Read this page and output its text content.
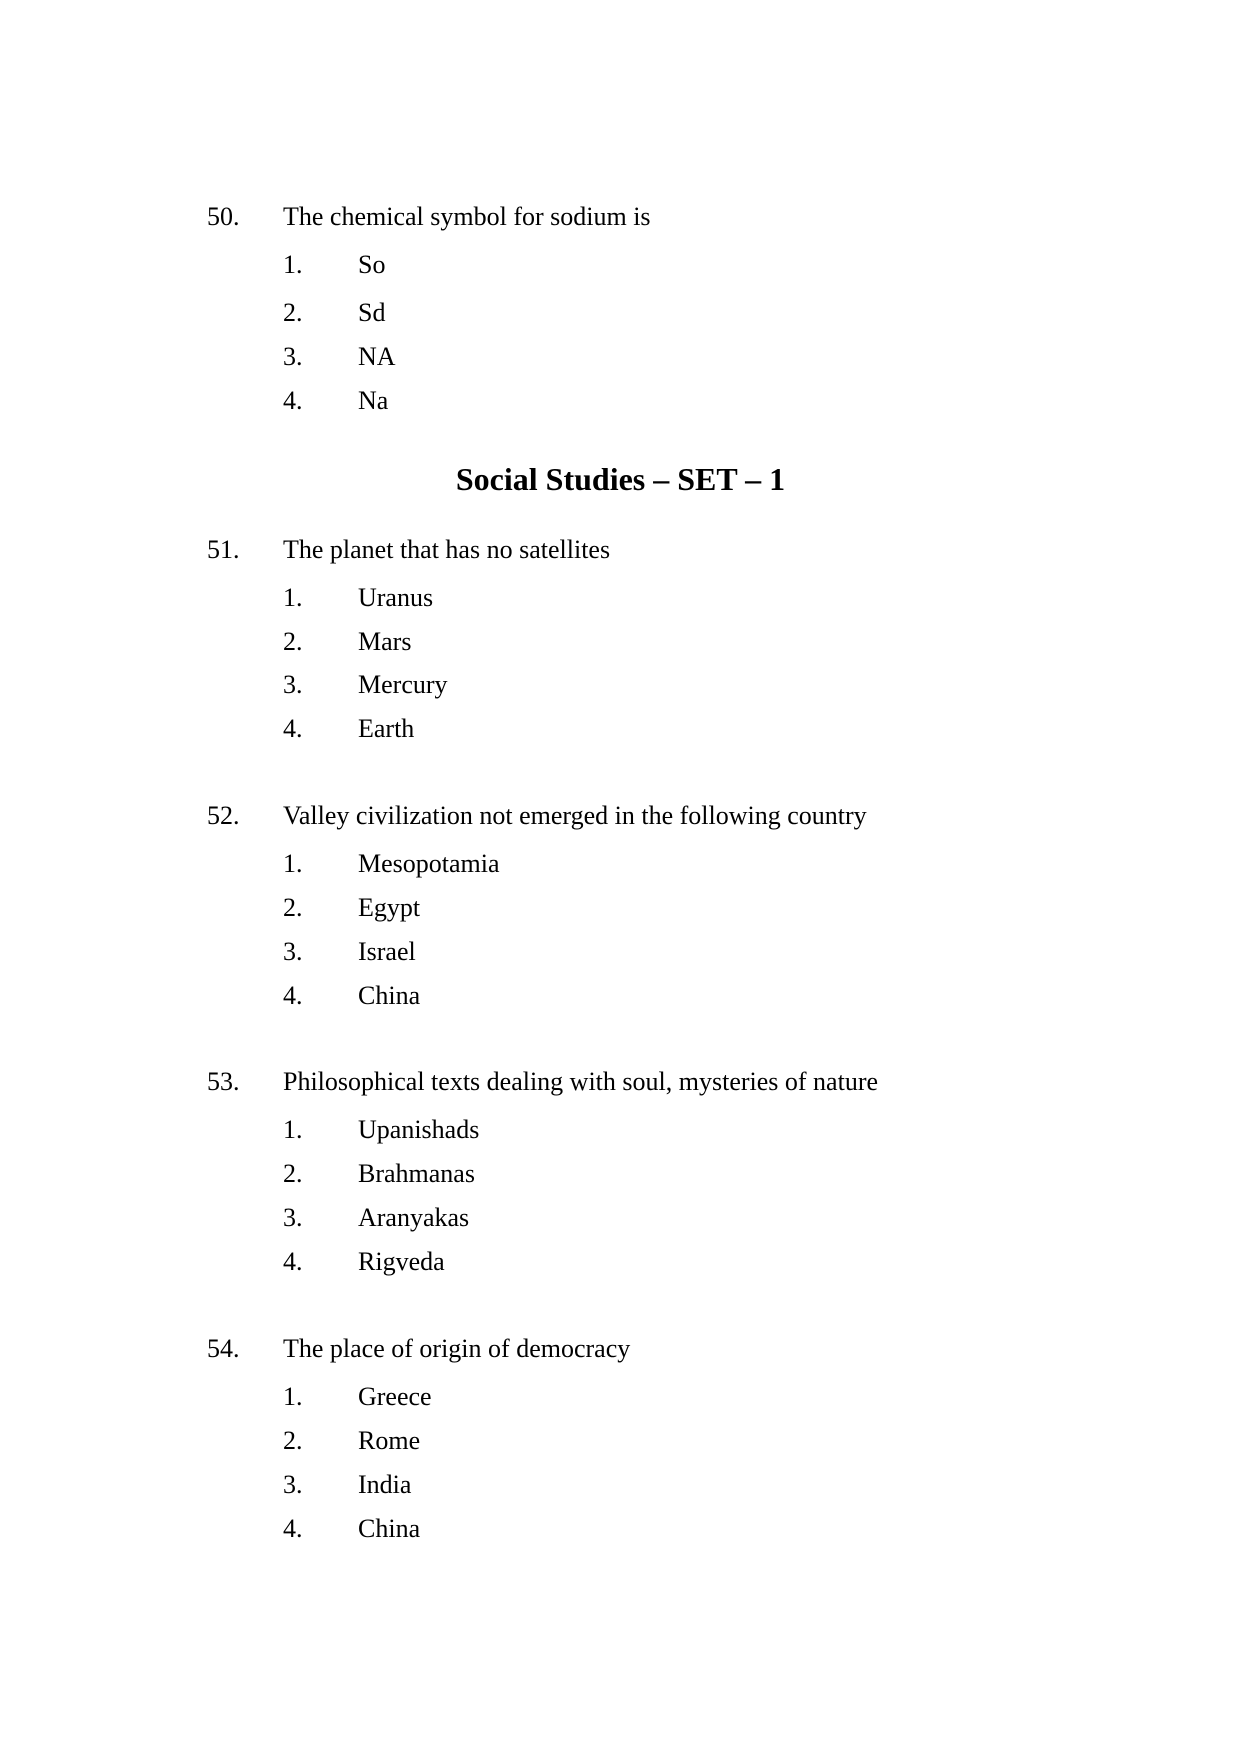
50. The chemical symbol for sodium is
1. So
2. Sd
3. NA
4. Na
Social Studies – SET – 1
51. The planet that has no satellites
1. Uranus
2. Mars
3. Mercury
4. Earth
52. Valley civilization not emerged in the following country
1. Mesopotamia
2. Egypt
3. Israel
4. China
53. Philosophical texts dealing with soul, mysteries of nature
1. Upanishads
2. Brahmanas
3. Aranyakas
4. Rigveda
54. The place of origin of democracy
1. Greece
2. Rome
3. India
4. China
